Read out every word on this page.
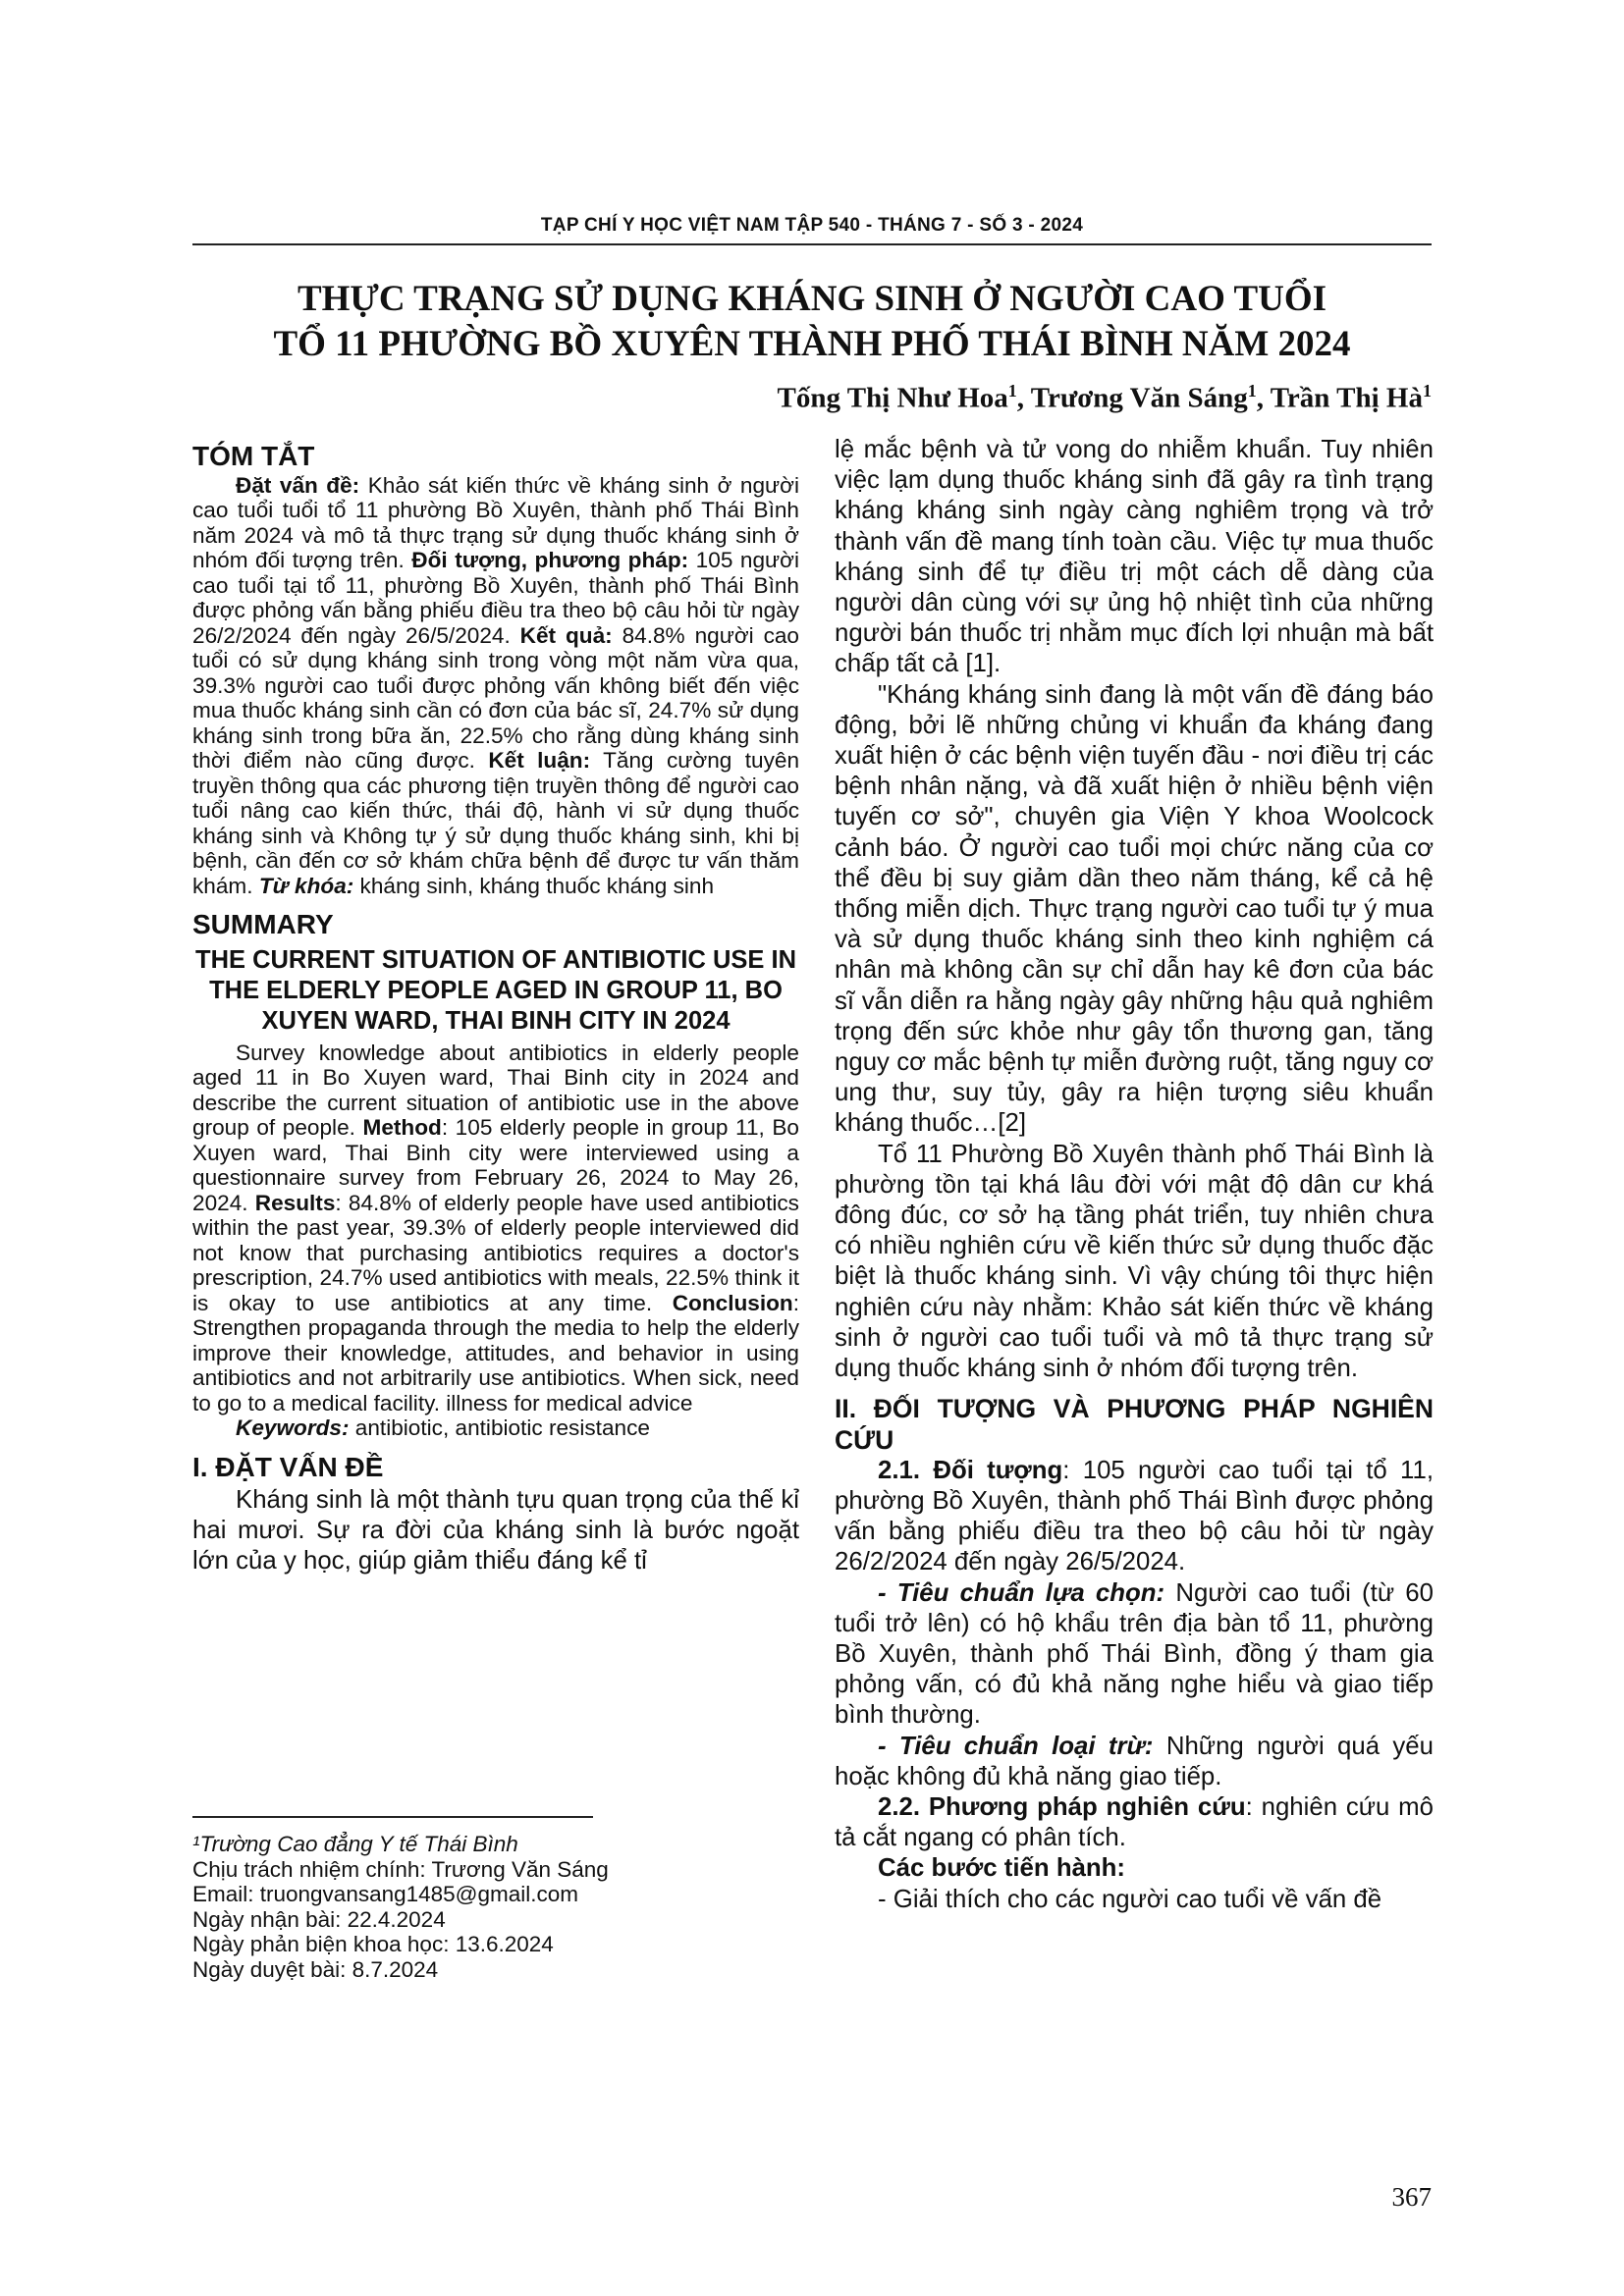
TẠP CHÍ Y HỌC VIỆT NAM TẬP 540 - THÁNG 7 - SỐ 3 - 2024
THỰC TRẠNG SỬ DỤNG KHÁNG SINH Ở NGƯỜI CAO TUỔI
TỔ 11 PHƯỜNG BỒ XUYÊN THÀNH PHỐ THÁI BÌNH NĂM 2024
Tống Thị Như Hoa$^1$, Trương Văn Sáng$^1$, Trần Thị $Hà^1$
TÓM TẮT

Đặt vấn đề: Khảo sát kiến thức về kháng sinh ở người cao tuổi tuổi tổ 11 phường Bồ Xuyên, thành phố Thái Bình năm 2024 và mô tả thực trạng sử dụng thuốc kháng sinh ở nhóm đối tượng trên. Đối tượng, phương pháp: 105 người cao tuổi tại tổ 11, phường Bồ Xuyên, thành phố Thái Bình được phỏng vấn bằng phiếu điều tra theo bộ câu hỏi từ ngày 26/2/2024 đến ngày 26/5/2024. Kết quả: 84.8% người cao tuổi có sử dụng kháng sinh trong vòng một năm vừa qua, 39.3% người cao tuổi được phỏng vấn không biết đến việc mua thuốc kháng sinh cần có đơn của bác sĩ, 24.7% sử dụng kháng sinh trong bữa ăn, 22.5% cho rằng dùng kháng sinh thời điểm nào cũng được. Kết luận: Tăng cường tuyên truyền thông qua các phương tiện truyền thông để người cao tuổi nâng cao kiến thức, thái độ, hành vi sử dụng thuốc kháng sinh và Không tự ý sử dụng thuốc kháng sinh, khi bị bệnh, cần đến cơ sở khám chữa bệnh để được tư vấn thăm khám. Từ khóa: kháng sinh, kháng thuốc kháng sinh

SUMMARY
THE CURRENT SITUATION OF ANTIBIOTIC USE IN THE ELDERLY PEOPLE AGED IN GROUP 11, BO XUYEN WARD, THAI BINH CITY IN 2024

Survey knowledge about antibiotics in elderly people aged 11 in Bo Xuyen ward, Thai Binh city in 2024 and describe the current situation of antibiotic use in the above group of people. Method: 105 elderly people in group 11, Bo Xuyen ward, Thai Binh city were interviewed using a questionnaire survey from February 26, 2024 to May 26, 2024. Results: 84.8% of elderly people have used antibiotics within the past year, 39.3% of elderly people interviewed did not know that purchasing antibiotics requires a doctor's prescription, 24.7% used antibiotics with meals, 22.5% think it is okay to use antibiotics at any time. Conclusion: Strengthen propaganda through the media to help the elderly improve their knowledge, attitudes, and behavior in using antibiotics and not arbitrarily use antibiotics. When sick, need to go to a medical facility. illness for medical advice

Keywords: antibiotic, antibiotic resistance

I. ĐẶT VẤN ĐỀ

Kháng sinh là một thành tựu quan trọng của thế kỉ hai mươi. Sự ra đời của kháng sinh là bước ngoặt lớn của y học, giúp giảm thiểu đáng kể tỉ

¹Trường Cao đẳng Y tế Thái Bình
Chịu trách nhiệm chính: Trương Văn Sáng
Email: truongvansang1485@gmail.com
Ngày nhận bài: 22.4.2024
Ngày phản biện khoa học: 13.6.2024
Ngày duyệt bài: 8.7.2024

lệ mắc bệnh và tử vong do nhiễm khuẩn. Tuy nhiên việc lạm dụng thuốc kháng sinh đã gây ra tình trạng kháng kháng sinh ngày càng nghiêm trọng và trở thành vấn đề mang tính toàn cầu. Việc tự mua thuốc kháng sinh để tự điều trị một cách dễ dàng của người dân cùng với sự ủng hộ nhiệt tình của những người bán thuốc trị nhằm mục đích lợi nhuận mà bất chấp tất cả [1].

"Kháng kháng sinh đang là một vấn đề đáng báo động, bởi lẽ những chủng vi khuẩn đa kháng đang xuất hiện ở các bệnh viện tuyến đầu - nơi điều trị các bệnh nhân nặng, và đã xuất hiện ở nhiều bệnh viện tuyến cơ sở", chuyên gia Viện Y khoa Woolcock cảnh báo. Ở người cao tuổi mọi chức năng của cơ thể đều bị suy giảm dần theo năm tháng, kể cả hệ thống miễn dịch. Thực trạng người cao tuổi tự ý mua và sử dụng thuốc kháng sinh theo kinh nghiệm cá nhân mà không cần sự chỉ dẫn hay kê đơn của bác sĩ vẫn diễn ra hằng ngày gây những hậu quả nghiêm trọng đến sức khỏe như gây tổn thương gan, tăng nguy cơ mắc bệnh tự miễn đường ruột, tăng nguy cơ ung thư, suy tủy, gây ra hiện tượng siêu khuẩn kháng thuốc…[2]

Tổ 11 Phường Bồ Xuyên thành phố Thái Bình là phường tồn tại khá lâu đời với mật độ dân cư khá đông đúc, cơ sở hạ tầng phát triển, tuy nhiên chưa có nhiều nghiên cứu về kiến thức sử dụng thuốc đặc biệt là thuốc kháng sinh. Vì vậy chúng tôi thực hiện nghiên cứu này nhằm: Khảo sát kiến thức về kháng sinh ở người cao tuổi tuổi và mô tả thực trạng sử dụng thuốc kháng sinh ở nhóm đối tượng trên.

II. ĐỐI TƯỢNG VÀ PHƯƠNG PHÁP NGHIÊN CỨU

2.1. Đối tượng: 105 người cao tuổi tại tổ 11, phường Bồ Xuyên, thành phố Thái Bình được phỏng vấn bằng phiếu điều tra theo bộ câu hỏi từ ngày 26/2/2024 đến ngày 26/5/2024.

- Tiêu chuẩn lựa chọn: Người cao tuổi (từ 60 tuổi trở lên) có hộ khẩu trên địa bàn tổ 11, phường Bồ Xuyên, thành phố Thái Bình, đồng ý tham gia phỏng vấn, có đủ khả năng nghe hiểu và giao tiếp bình thường.

- Tiêu chuẩn loại trừ: Những người quá yếu hoặc không đủ khả năng giao tiếp.

2.2. Phương pháp nghiên cứu: nghiên cứu mô tả cắt ngang có phân tích.

Các bước tiến hành:

- Giải thích cho các người cao tuổi về vấn đề

367
